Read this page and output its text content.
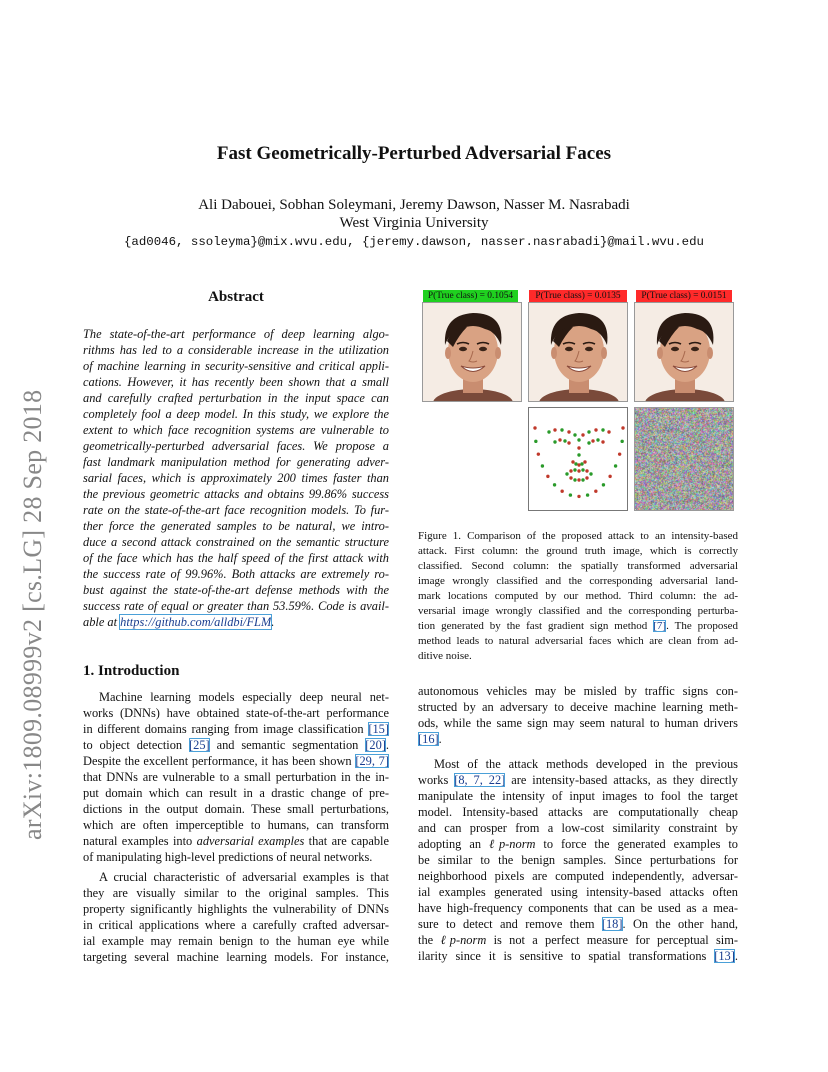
arXiv:1809.08999v2 [cs.LG] 28 Sep 2018
Fast Geometrically-Perturbed Adversarial Faces
Ali Dabouei, Sobhan Soleymani, Jeremy Dawson, Nasser M. Nasrabadi
West Virginia University
{ad0046, ssoleyma}@mix.wvu.edu, {jeremy.dawson, nasser.nasrabadi}@mail.wvu.edu
Abstract
The state-of-the-art performance of deep learning algo-
rithms has led to a considerable increase in the utilization
of machine learning in security-sensitive and critical appli-
cations. However, it has recently been shown that a small
and carefully crafted perturbation in the input space can
completely fool a deep model. In this study, we explore the
extent to which face recognition systems are vulnerable to
geometrically-perturbed adversarial faces. We propose a
fast landmark manipulation method for generating adver-
sarial faces, which is approximately 200 times faster than
the previous geometric attacks and obtains 99.86% success
rate on the state-of-the-art face recognition models. To fur-
ther force the generated samples to be natural, we intro-
duce a second attack constrained on the semantic structure
of the face which has the half speed of the first attack with
the success rate of 99.96%. Both attacks are extremely ro-
bust against the state-of-the-art defense methods with the
success rate of equal or greater than 53.59%. Code is avail-
able at https://github.com/alldbi/FLM.
P(True class) = 0.1054	P(True class) = 0.0135	P(True class) = 0.0151
Figure 1. Comparison of the proposed attack to an intensity-based
attack. First column: the ground truth image, which is correctly
classified. Second column: the spatially transformed adversarial
image wrongly classified and the corresponding adversarial land-
mark locations computed by our method. Third column: the ad-
versarial image wrongly classified and the corresponding perturba-
tion generated by the fast gradient sign method [7]. The proposed
method leads to natural adversarial faces which are clean from ad-
ditive noise.
1. Introduction
Machine learning models especially deep neural net-
works (DNNs) have obtained state-of-the-art performance
in different domains ranging from image classification [15]
to object detection [25] and semantic segmentation [20].
Despite the excellent performance, it has been shown [29, 7]
that DNNs are vulnerable to a small perturbation in the in-
put domain which can result in a drastic change of pre-
dictions in the output domain. These small perturbations,
which are often imperceptible to humans, can transform
natural examples into adversarial examples that are capable
of manipulating high-level predictions of neural networks.
A crucial characteristic of adversarial examples is that
they are visually similar to the original samples. This
property significantly highlights the vulnerability of DNNs
in critical applications where a carefully crafted adversar-
ial example may remain benign to the human eye while
targeting several machine learning models. For instance,
autonomous vehicles may be misled by traffic signs con-
structed by an adversary to deceive machine learning meth-
ods, while the same sign may seem natural to human drivers
[16].
Most of the attack methods developed in the previous
works [8, 7, 22] are intensity-based attacks, as they directly
manipulate the intensity of input images to fool the target
model. Intensity-based attacks are computationally cheap
and can prosper from a low-cost similarity constraint by
adopting an ℓp-norm to force the generated examples to
be similar to the benign samples. Since perturbations for
neighborhood pixels are computed independently, adversar-
ial examples generated using intensity-based attacks often
have high-frequency components that can be used as a mea-
sure to detect and remove them [18]. On the other hand,
the ℓp-norm is not a perfect measure for perceptual sim-
ilarity since it is sensitive to spatial transformations [13].
